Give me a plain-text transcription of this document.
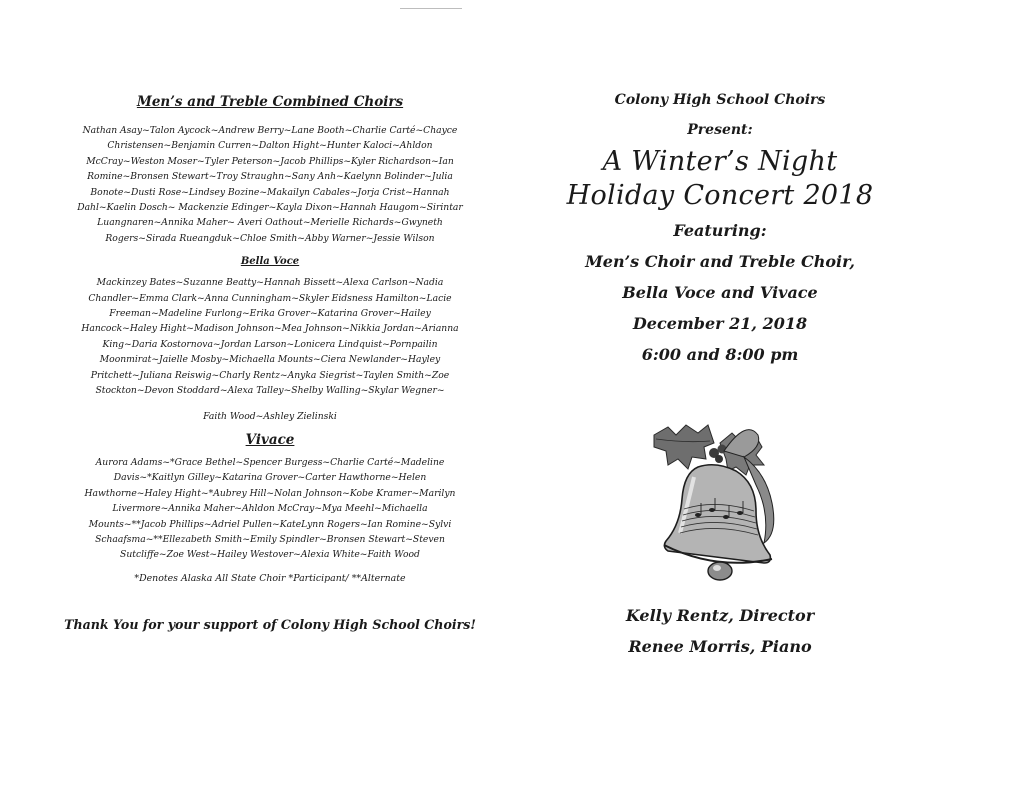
Men’s and Treble Combined Choirs

Nathan Asay~Talon Aycock~Andrew Berry~Lane Booth~Charlie Carté~Chayce
Christensen~Benjamin Curren~Dalton Hight~Hunter Kaloci~Ahldon
McCray~Weston Moser~Tyler Peterson~Jacob Phillips~Kyler Richardson~Ian
Romine~Bronsen Stewart~Troy Straughn~Sany Anh~Kaelynn Bolinder~Julia
Bonote~Dusti Rose~Lindsey Bozine~Makailyn Cabales~Jorja Crist~Hannah
Dahl~Kaelin Dosch~ Mackenzie Edinger~Kayla Dixon~Hannah Haugom~Sirintar
Luangnaren~Annika Maher~ Averi Oathout~Merielle Richards~Gwyneth
Rogers~Sirada Rueangduk~Chloe Smith~Abby Warner~Jessie Wilson

Bella Voce

Mackinzey Bates~Suzanne Beatty~Hannah Bissett~Alexa Carlson~Nadia
Chandler~Emma Clark~Anna Cunningham~Skyler Eidsness Hamilton~Lacie
Freeman~Madeline Furlong~Erika Grover~Katarina Grover~Hailey
Hancock~Haley Hight~Madison Johnson~Mea Johnson~Nikkia Jordan~Arianna
King~Daria Kostornova~Jordan Larson~Lonicera Lindquist~Pornpailin
Moonmirat~Jaielle Mosby~Michaella Mounts~Ciera Newlander~Hayley
Pritchett~Juliana Reiswig~Charly Rentz~Anyka Siegrist~Taylen Smith~Zoe
Stockton~Devon Stoddard~Alexa Talley~Shelby Walling~Skylar Wegner~
Faith Wood~Ashley Zielinski

Vivace

Aurora Adams~*Grace Bethel~Spencer Burgess~Charlie Carté~Madeline
Davis~*Kaitlyn Gilley~Katarina Grover~Carter Hawthorne~Helen
Hawthorne~Haley Hight~*Aubrey Hill~Nolan Johnson~Kobe Kramer~Marilyn
Livermore~Annika Maher~Ahldon McCray~Mya Meehl~Michaella
Mounts~**Jacob Phillips~Adriel Pullen~KateLynn Rogers~Ian Romine~Sylvi
Schaafsma~**Ellezabeth Smith~Emily Spindler~Bronsen Stewart~Steven
Sutcliffe~Zoe West~Hailey Westover~Alexia White~Faith Wood

*Denotes Alaska All State Choir *Participant/ **Alternate

Thank You for your support of Colony High School Choirs!

Colony High School Choirs

Present:

A Winter’s Night

Holiday Concert 2018

Featuring:

Men’s Choir and Treble Choir,

Bella Voce and Vivace

December 21, 2018

6:00 and 8:00 pm

Kelly Rentz, Director

Renee Morris, Piano
